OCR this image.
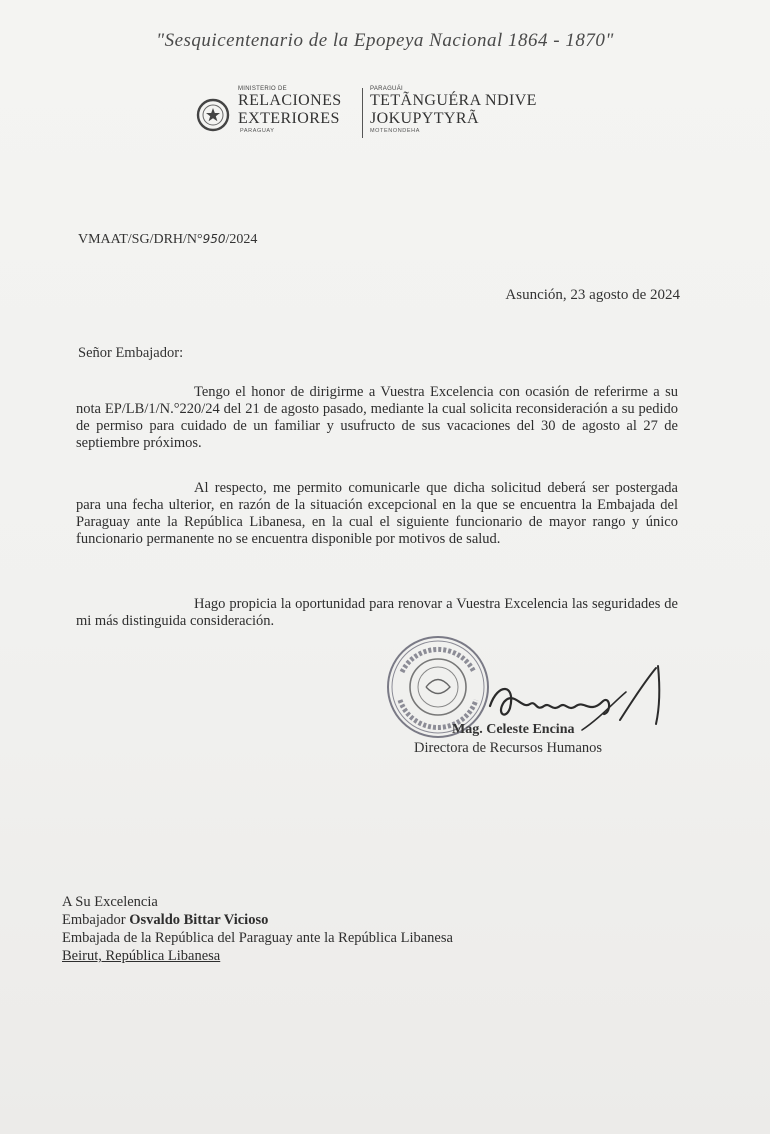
"Sesquicentenario de la Epopeya Nacional 1864 - 1870"
MINISTERIO DE
RELACIONES
EXTERIORES
PARAGUAY
PARAGUÁI
TETÃNGUÉRA NDIVE
JOKUPYTYRÃ
MOTENONDEHA
VMAAT/SG/DRH/N°950/2024
Asunción, 23 agosto de 2024
Señor Embajador:

Tengo el honor de dirigirme a Vuestra Excelencia con ocasión de referirme a su nota EP/LB/1/N.°220/24 del 21 de agosto pasado, mediante la cual solicita reconsideración a su pedido de permiso para cuidado de un familiar y usufructo de sus vacaciones del 30 de agosto al 27 de septiembre próximos.

Al respecto, me permito comunicarle que dicha solicitud deberá ser postergada para una fecha ulterior, en razón de la situación excepcional en la que se encuentra la Embajada del Paraguay ante la República Libanesa, en la cual el siguiente funcionario de mayor rango y único funcionario permanente no se encuentra disponible por motivos de salud.

Hago propicia la oportunidad para renovar a Vuestra Excelencia las seguridades de mi más distinguida consideración.

Mag. Celeste Encina
Directora de Recursos Humanos
A Su Excelencia
Embajador Osvaldo Bittar Vicioso
Embajada de la República del Paraguay ante la República Libanesa
Beirut, República Libanesa
